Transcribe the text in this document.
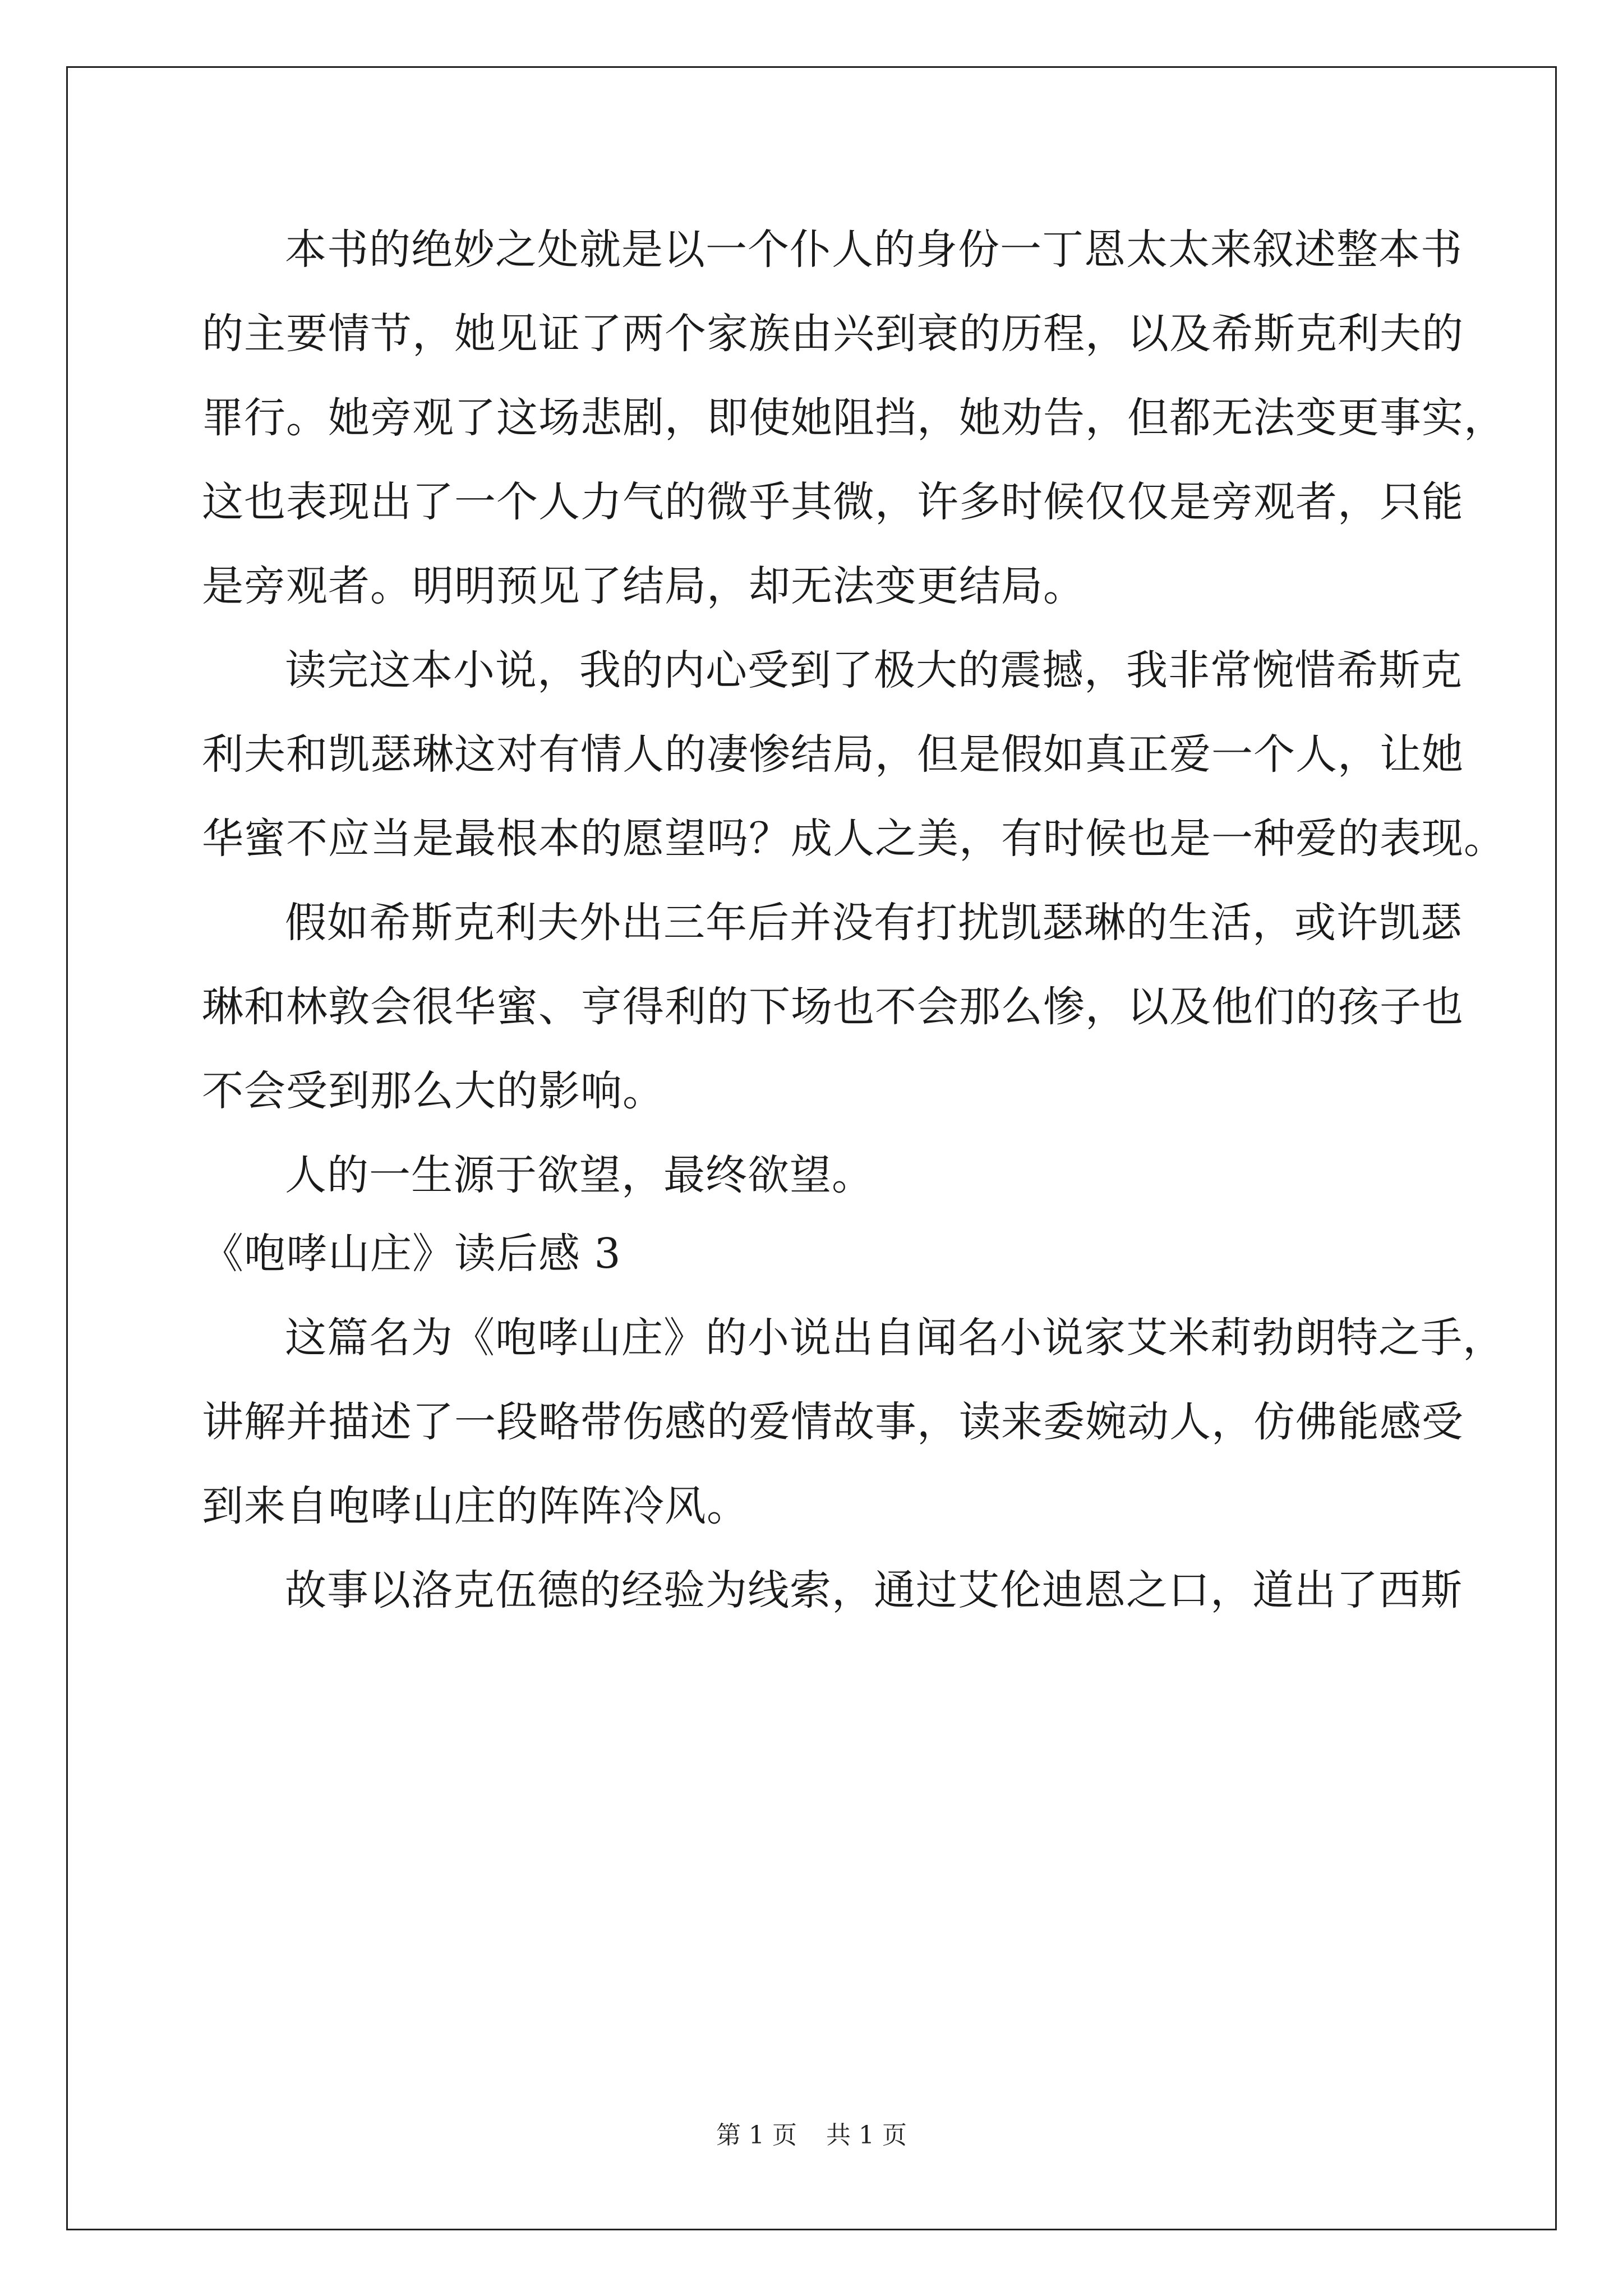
本书的绝妙之处就是以一个仆人的身份一丁恩太太来叙述整本书
的主要情节，她见证了两个家族由兴到衰的历程，以及希斯克利夫的
罪行。她旁观了这场悲剧，即使她阻挡，她劝告，但都无法变更事实，
这也表现出了一个人力气的微乎其微，许多时候仅仅是旁观者，只能
是旁观者。明明预见了结局，却无法变更结局。
读完这本小说，我的内心受到了极大的震撼，我非常惋惜希斯克
利夫和凯瑟琳这对有情人的凄惨结局，但是假如真正爱一个人，让她
华蜜不应当是最根本的愿望吗？成人之美，有时候也是一种爱的表现。
假如希斯克利夫外出三年后并没有打扰凯瑟琳的生活，或许凯瑟
琳和林敦会很华蜜、亨得利的下场也不会那么惨，以及他们的孩子也
不会受到那么大的影响。
人的一生源于欲望，最终欲望。
《咆哮山庄》读后感 3
这篇名为《咆哮山庄》的小说出自闻名小说家艾米莉勃朗特之手，
讲解并描述了一段略带伤感的爱情故事，读来委婉动人，仿佛能感受
到来自咆哮山庄的阵阵冷风。
故事以洛克伍德的经验为线索，通过艾伦迪恩之口，道出了西斯
第 1 页 共 1 页
